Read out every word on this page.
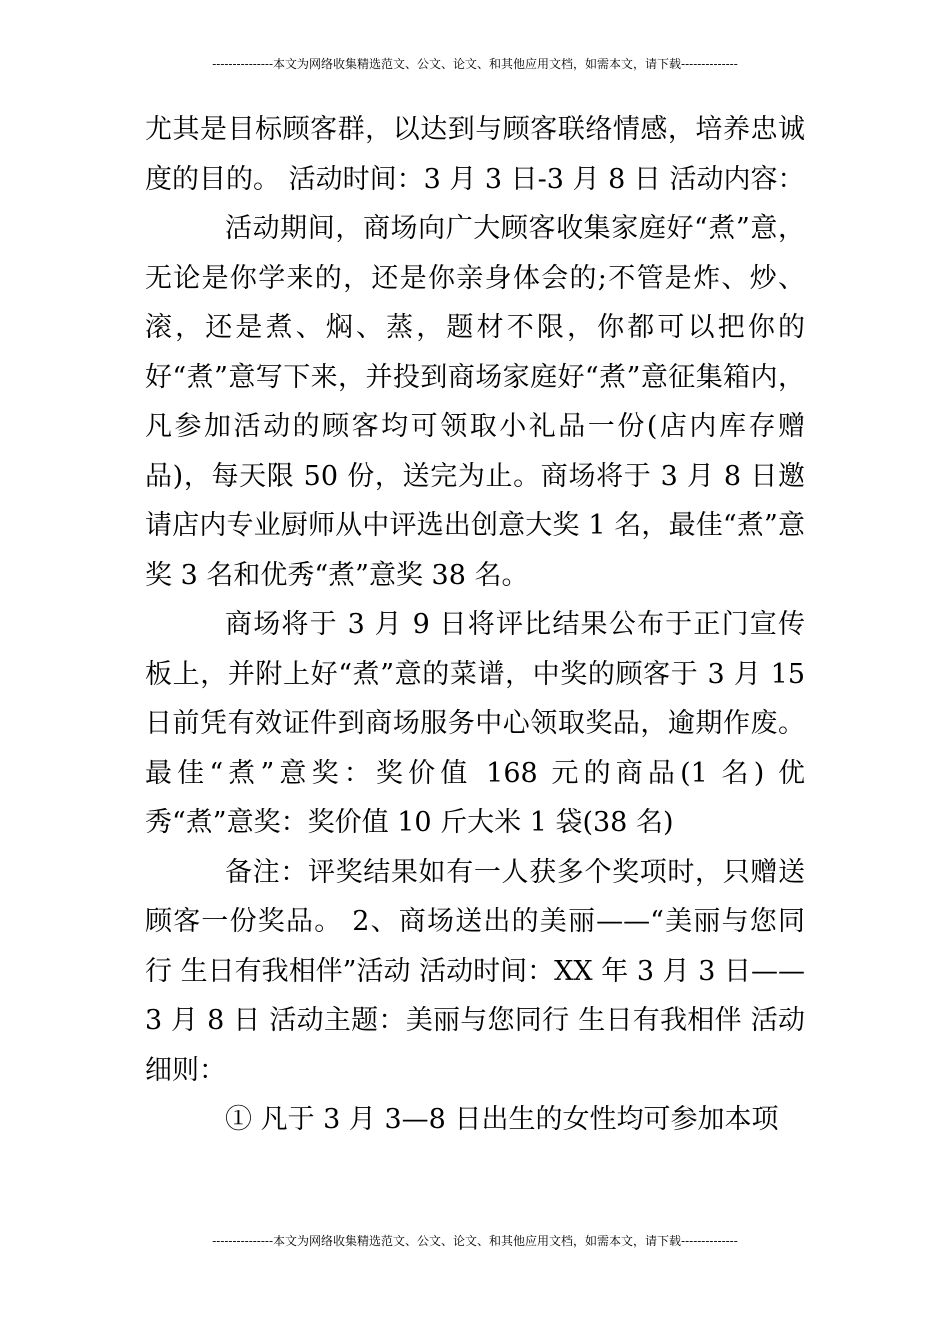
---------------本文为网络收集精选范文、公文、论文、和其他应用文档，如需本文，请下载--------------

尤其是目标顾客群，以达到与顾客联络情感，培养忠诚度的目的。 活动时间：3 月 3 日-3 月 8 日 活动内容：

活动期间，商场向广大顾客收集家庭好“煮”意，无论是你学来的，还是你亲身体会的;不管是炸、炒、滚，还是煮、焖、蒸，题材不限，你都可以把你的好“煮”意写下来，并投到商场家庭好“煮”意征集箱内，凡参加活动的顾客均可领取小礼品一份(店内库存赠品)，每天限 50 份，送完为止。商场将于 3 月 8 日邀请店内专业厨师从中评选出创意大奖 1 名，最佳“煮”意奖 3 名和优秀“煮”意奖 38 名。

商场将于 3 月 9 日将评比结果公布于正门宣传板上，并附上好“煮”意的菜谱，中奖的顾客于 3 月 15 日前凭有效证件到商场服务中心领取奖品，逾期作废。 最佳“煮”意奖：奖价值 168 元的商品(1 名) 优秀“煮”意奖：奖价值 10 斤大米 1 袋(38 名)

备注：评奖结果如有一人获多个奖项时，只赠送顾客一份奖品。 2、商场送出的美丽——“美丽与您同行 生日有我相伴”活动 活动时间：XX 年 3 月 3 日——3 月 8 日 活动主题：美丽与您同行 生日有我相伴 活动细则：

① 凡于 3 月 3—8 日出生的女性均可参加本项

---------------本文为网络收集精选范文、公文、论文、和其他应用文档，如需本文，请下载--------------
